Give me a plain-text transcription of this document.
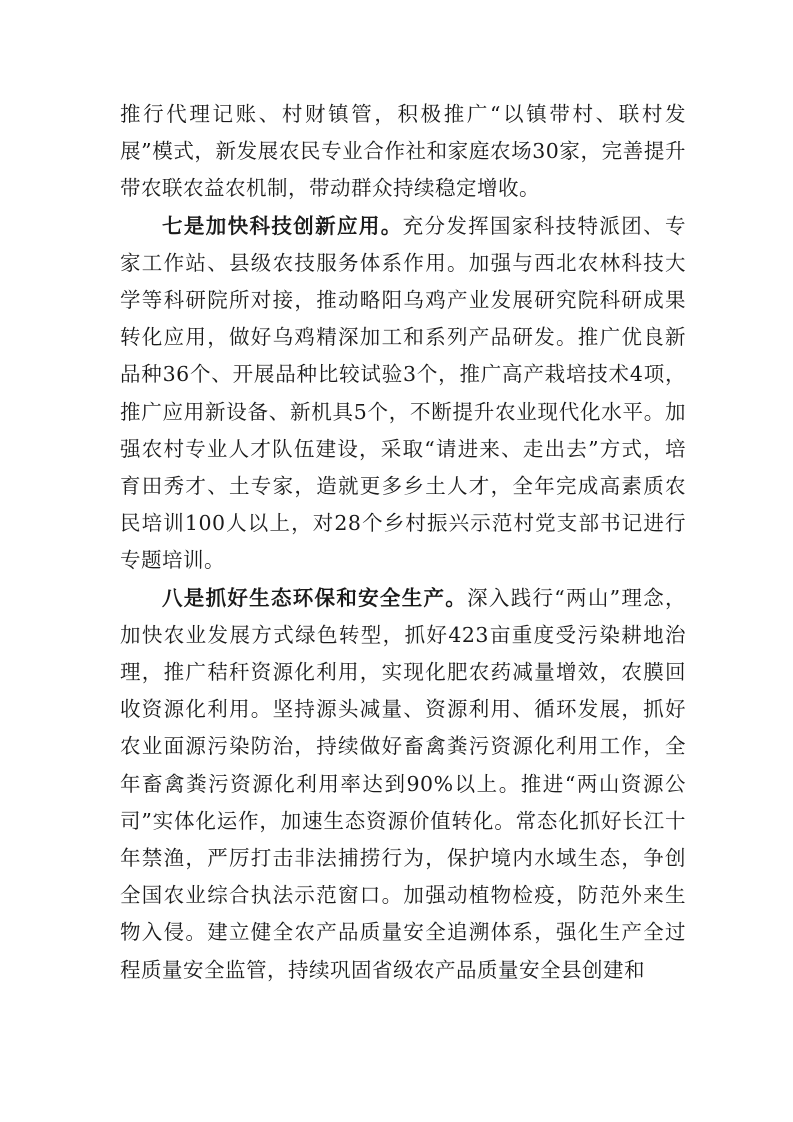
推行代理记账、村财镇管，积极推广“以镇带村、联村发展”模式，新发展农民专业合作社和家庭农场30家，完善提升带农联农益农机制，带动群众持续稳定增收。

七是加快科技创新应用。充分发挥国家科技特派团、专家工作站、县级农技服务体系作用。加强与西北农林科技大学等科研院所对接，推动略阳乌鸡产业发展研究院科研成果转化应用，做好乌鸡精深加工和系列产品研发。推广优良新品种36个、开展品种比较试验3个，推广高产栽培技术4项，推广应用新设备、新机具5个，不断提升农业现代化水平。加强农村专业人才队伍建设，采取“请进来、走出去”方式，培育田秀才、土专家，造就更多乡土人才，全年完成高素质农民培训100人以上，对28个乡村振兴示范村党支部书记进行专题培训。

八是抓好生态环保和安全生产。深入践行“两山”理念，加快农业发展方式绿色转型，抓好423亩重度受污染耕地治理，推广秸秆资源化利用，实现化肥农药减量增效，农膜回收资源化利用。坚持源头减量、资源利用、循环发展，抓好农业面源污染防治，持续做好畜禽粪污资源化利用工作，全年畜禽粪污资源化利用率达到90%以上。推进“两山资源公司”实体化运作，加速生态资源价值转化。常态化抓好长江十年禁渔，严厉打击非法捕捞行为，保护境内水域生态，争创全国农业综合执法示范窗口。加强动植物检疫，防范外来生物入侵。建立健全农产品质量安全追溯体系，强化生产全过程质量安全监管，持续巩固省级农产品质量安全县创建和
